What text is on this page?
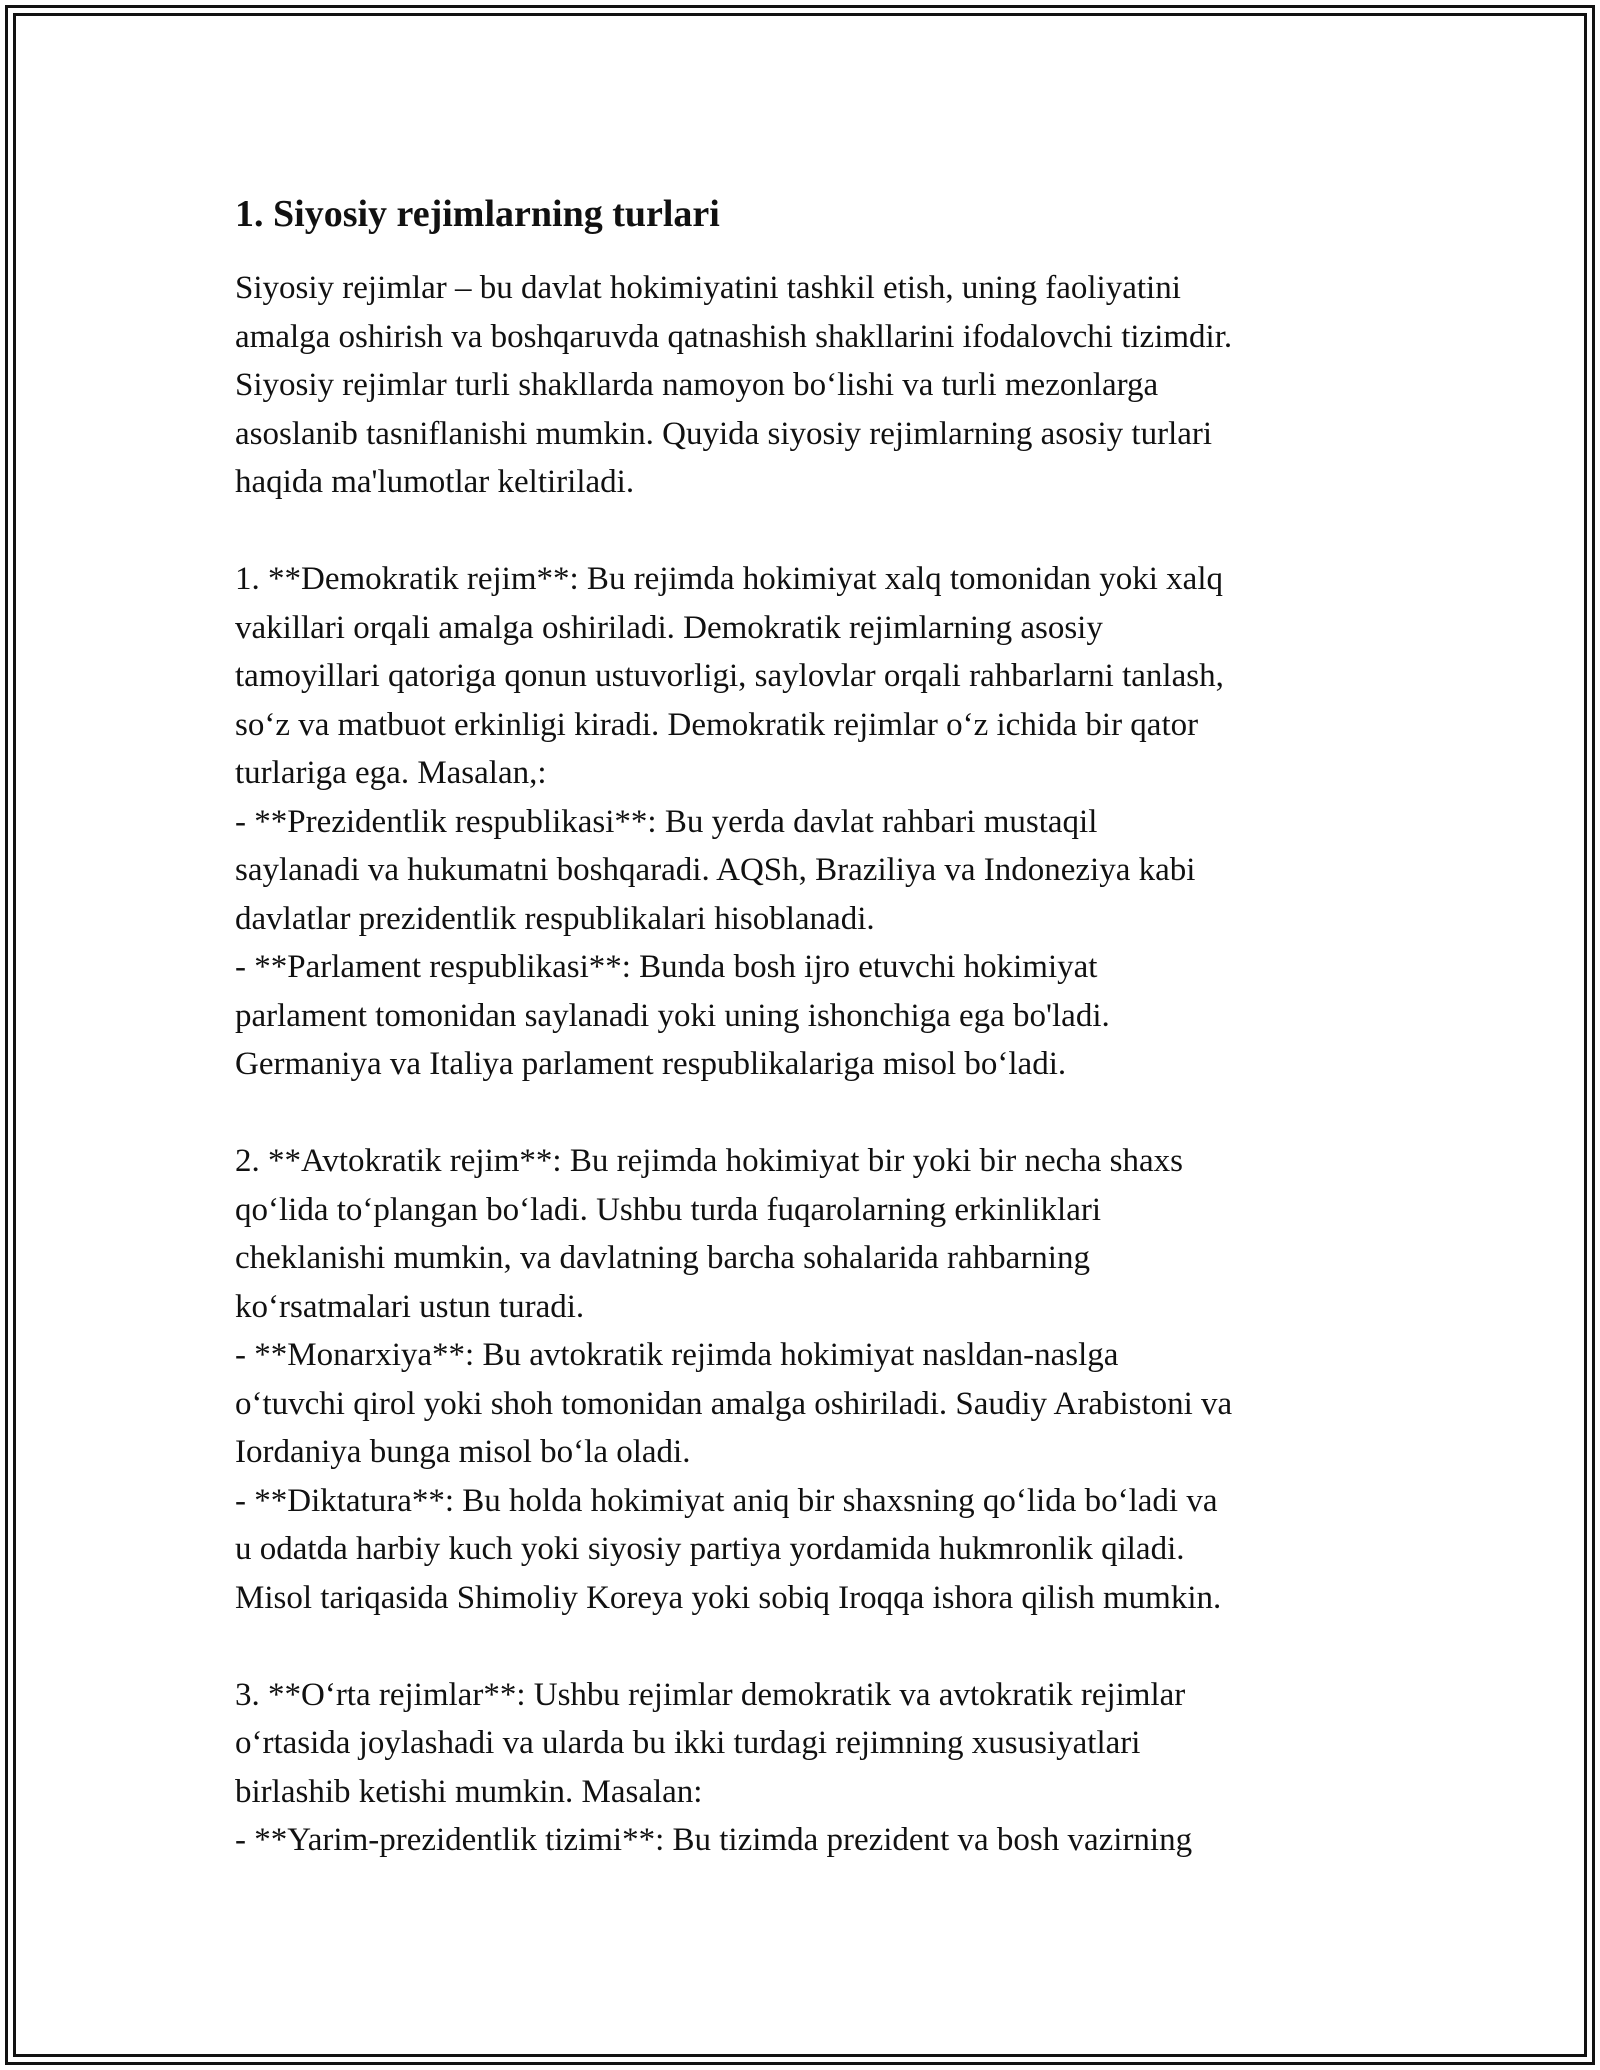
1. Siyosiy rejimlarning turlari

Siyosiy rejimlar – bu davlat hokimiyatini tashkil etish, uning faoliyatini
amalga oshirish va boshqaruvda qatnashish shakllarini ifodalovchi tizimdir.
Siyosiy rejimlar turli shakllarda namoyon bo‘lishi va turli mezonlarga
asoslanib tasniflanishi mumkin. Quyida siyosiy rejimlarning asosiy turlari
haqida ma'lumotlar keltiriladi.

1. **Demokratik rejim**: Bu rejimda hokimiyat xalq tomonidan yoki xalq
vakillari orqali amalga oshiriladi. Demokratik rejimlarning asosiy
tamoyillari qatoriga qonun ustuvorligi, saylovlar orqali rahbarlarni tanlash,
so‘z va matbuot erkinligi kiradi. Demokratik rejimlar o‘z ichida bir qator
turlariga ega. Masalan,:

- **Prezidentlik respublikasi**: Bu yerda davlat rahbari mustaqil
saylanadi va hukumatni boshqaradi. AQSh, Braziliya va Indoneziya kabi
davlatlar prezidentlik respublikalari hisoblanadi.

- **Parlament respublikasi**: Bunda bosh ijro etuvchi hokimiyat
parlament tomonidan saylanadi yoki uning ishonchiga ega bo'ladi.
Germaniya va Italiya parlament respublikalariga misol bo‘ladi.

2. **Avtokratik rejim**: Bu rejimda hokimiyat bir yoki bir necha shaxs
qo‘lida to‘plangan bo‘ladi. Ushbu turda fuqarolarning erkinliklari
cheklanishi mumkin, va davlatning barcha sohalarida rahbarning
ko‘rsatmalari ustun turadi.

- **Monarxiya**: Bu avtokratik rejimda hokimiyat nasldan-naslga
o‘tuvchi qirol yoki shoh tomonidan amalga oshiriladi. Saudiy Arabistoni va
Iordaniya bunga misol bo‘la oladi.

- **Diktatura**: Bu holda hokimiyat aniq bir shaxsning qo‘lida bo‘ladi va
u odatda harbiy kuch yoki siyosiy partiya yordamida hukmronlik qiladi.
Misol tariqasida Shimoliy Koreya yoki sobiq Iroqqa ishora qilish mumkin.

3. **O‘rta rejimlar**: Ushbu rejimlar demokratik va avtokratik rejimlar
o‘rtasida joylashadi va ularda bu ikki turdagi rejimning xususiyatlari
birlashib ketishi mumkin. Masalan:

- **Yarim-prezidentlik tizimi**: Bu tizimda prezident va bosh vazirning
